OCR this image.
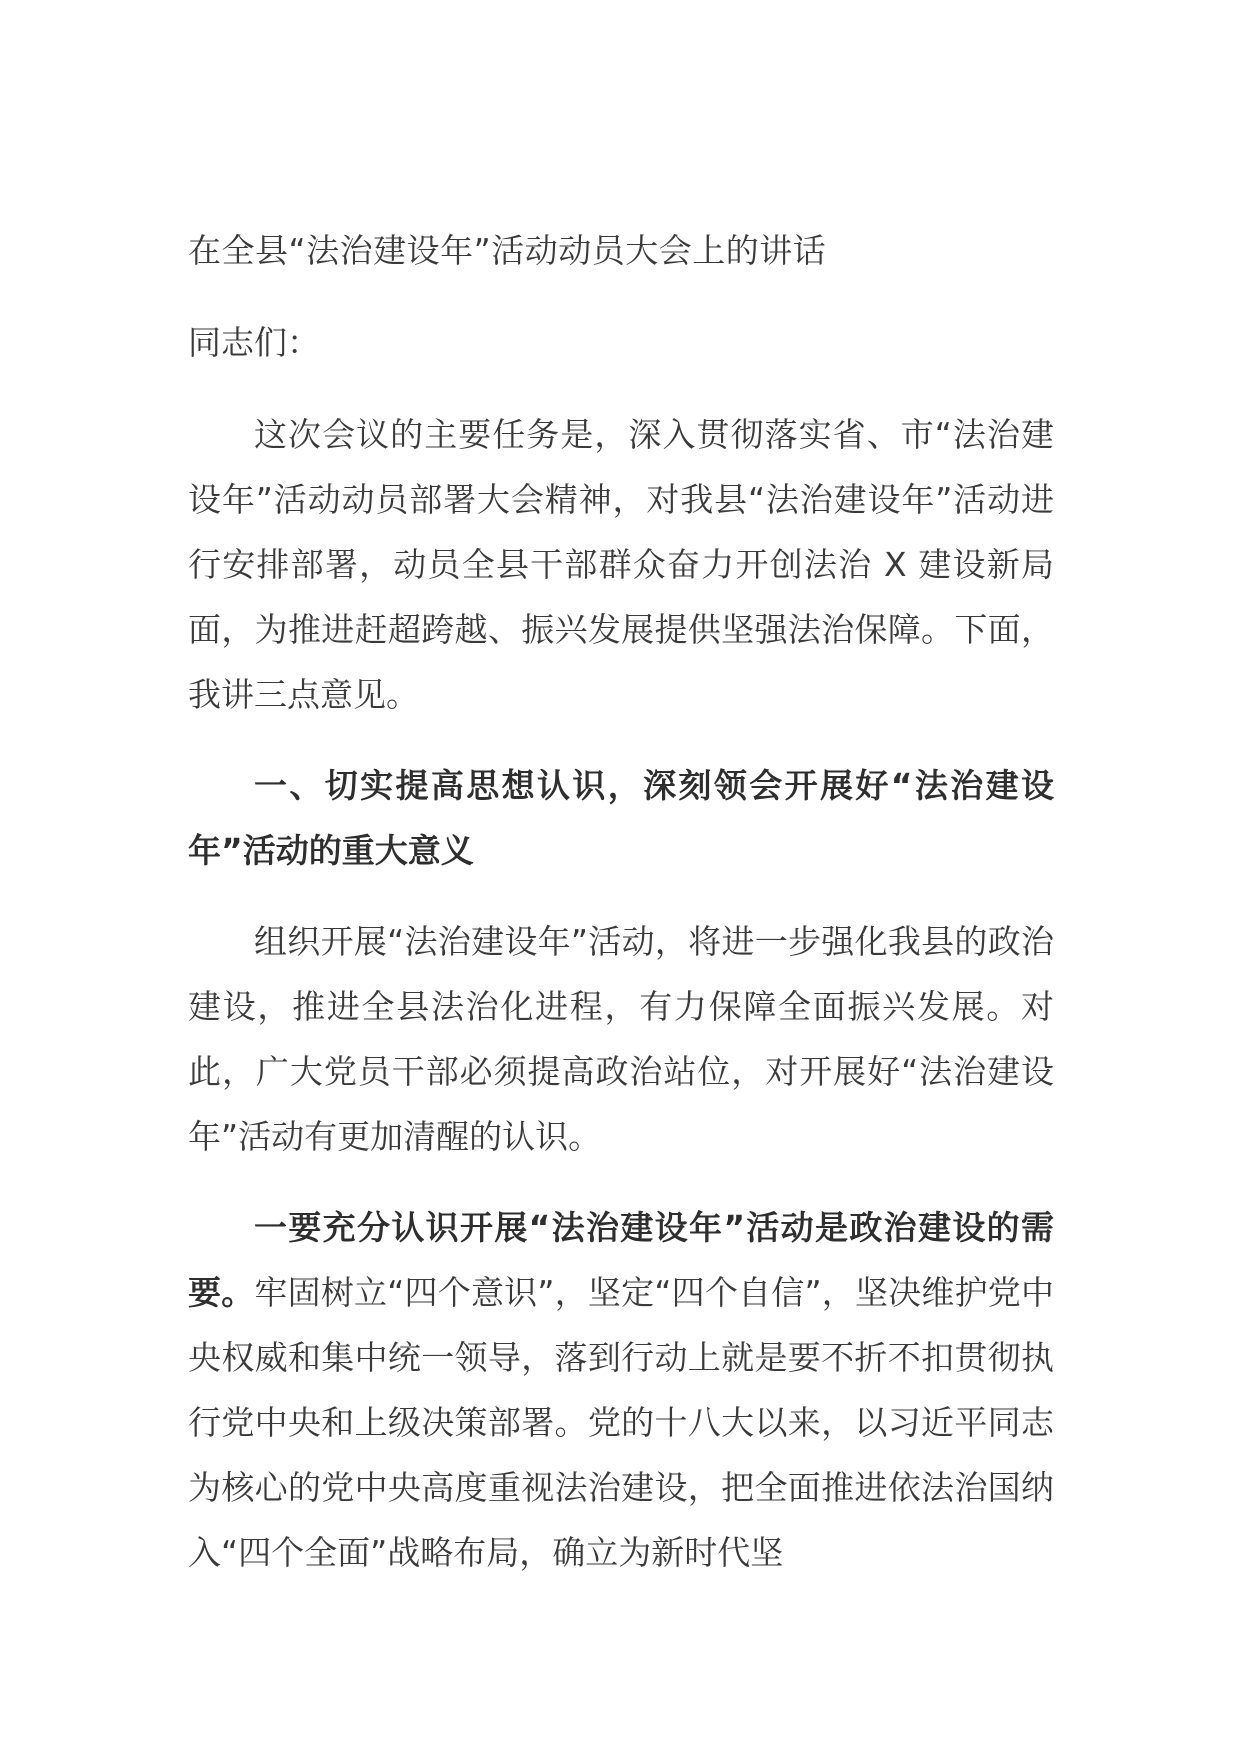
在全县“法治建设年”活动动员大会上的讲话

同志们：

这次会议的主要任务是，深入贯彻落实省、市“法治建设年”活动动员部署大会精神，对我县“法治建设年”活动进行安排部署，动员全县干部群众奋力开创法治 X 建设新局面，为推进赶超跨越、振兴发展提供坚强法治保障。下面，我讲三点意见。

一、切实提高思想认识，深刻领会开展好“法治建设年”活动的重大意义

组织开展“法治建设年”活动，将进一步强化我县的政治建设，推进全县法治化进程，有力保障全面振兴发展。对此，广大党员干部必须提高政治站位，对开展好“法治建设年”活动有更加清醒的认识。

一要充分认识开展“法治建设年”活动是政治建设的需要。牢固树立“四个意识”，坚定“四个自信”，坚决维护党中央权威和集中统一领导，落到行动上就是要不折不扣贯彻执行党中央和上级决策部署。党的十八大以来，以习近平同志为核心的党中央高度重视法治建设，把全面推进依法治国纳入“四个全面”战略布局，确立为新时代坚
